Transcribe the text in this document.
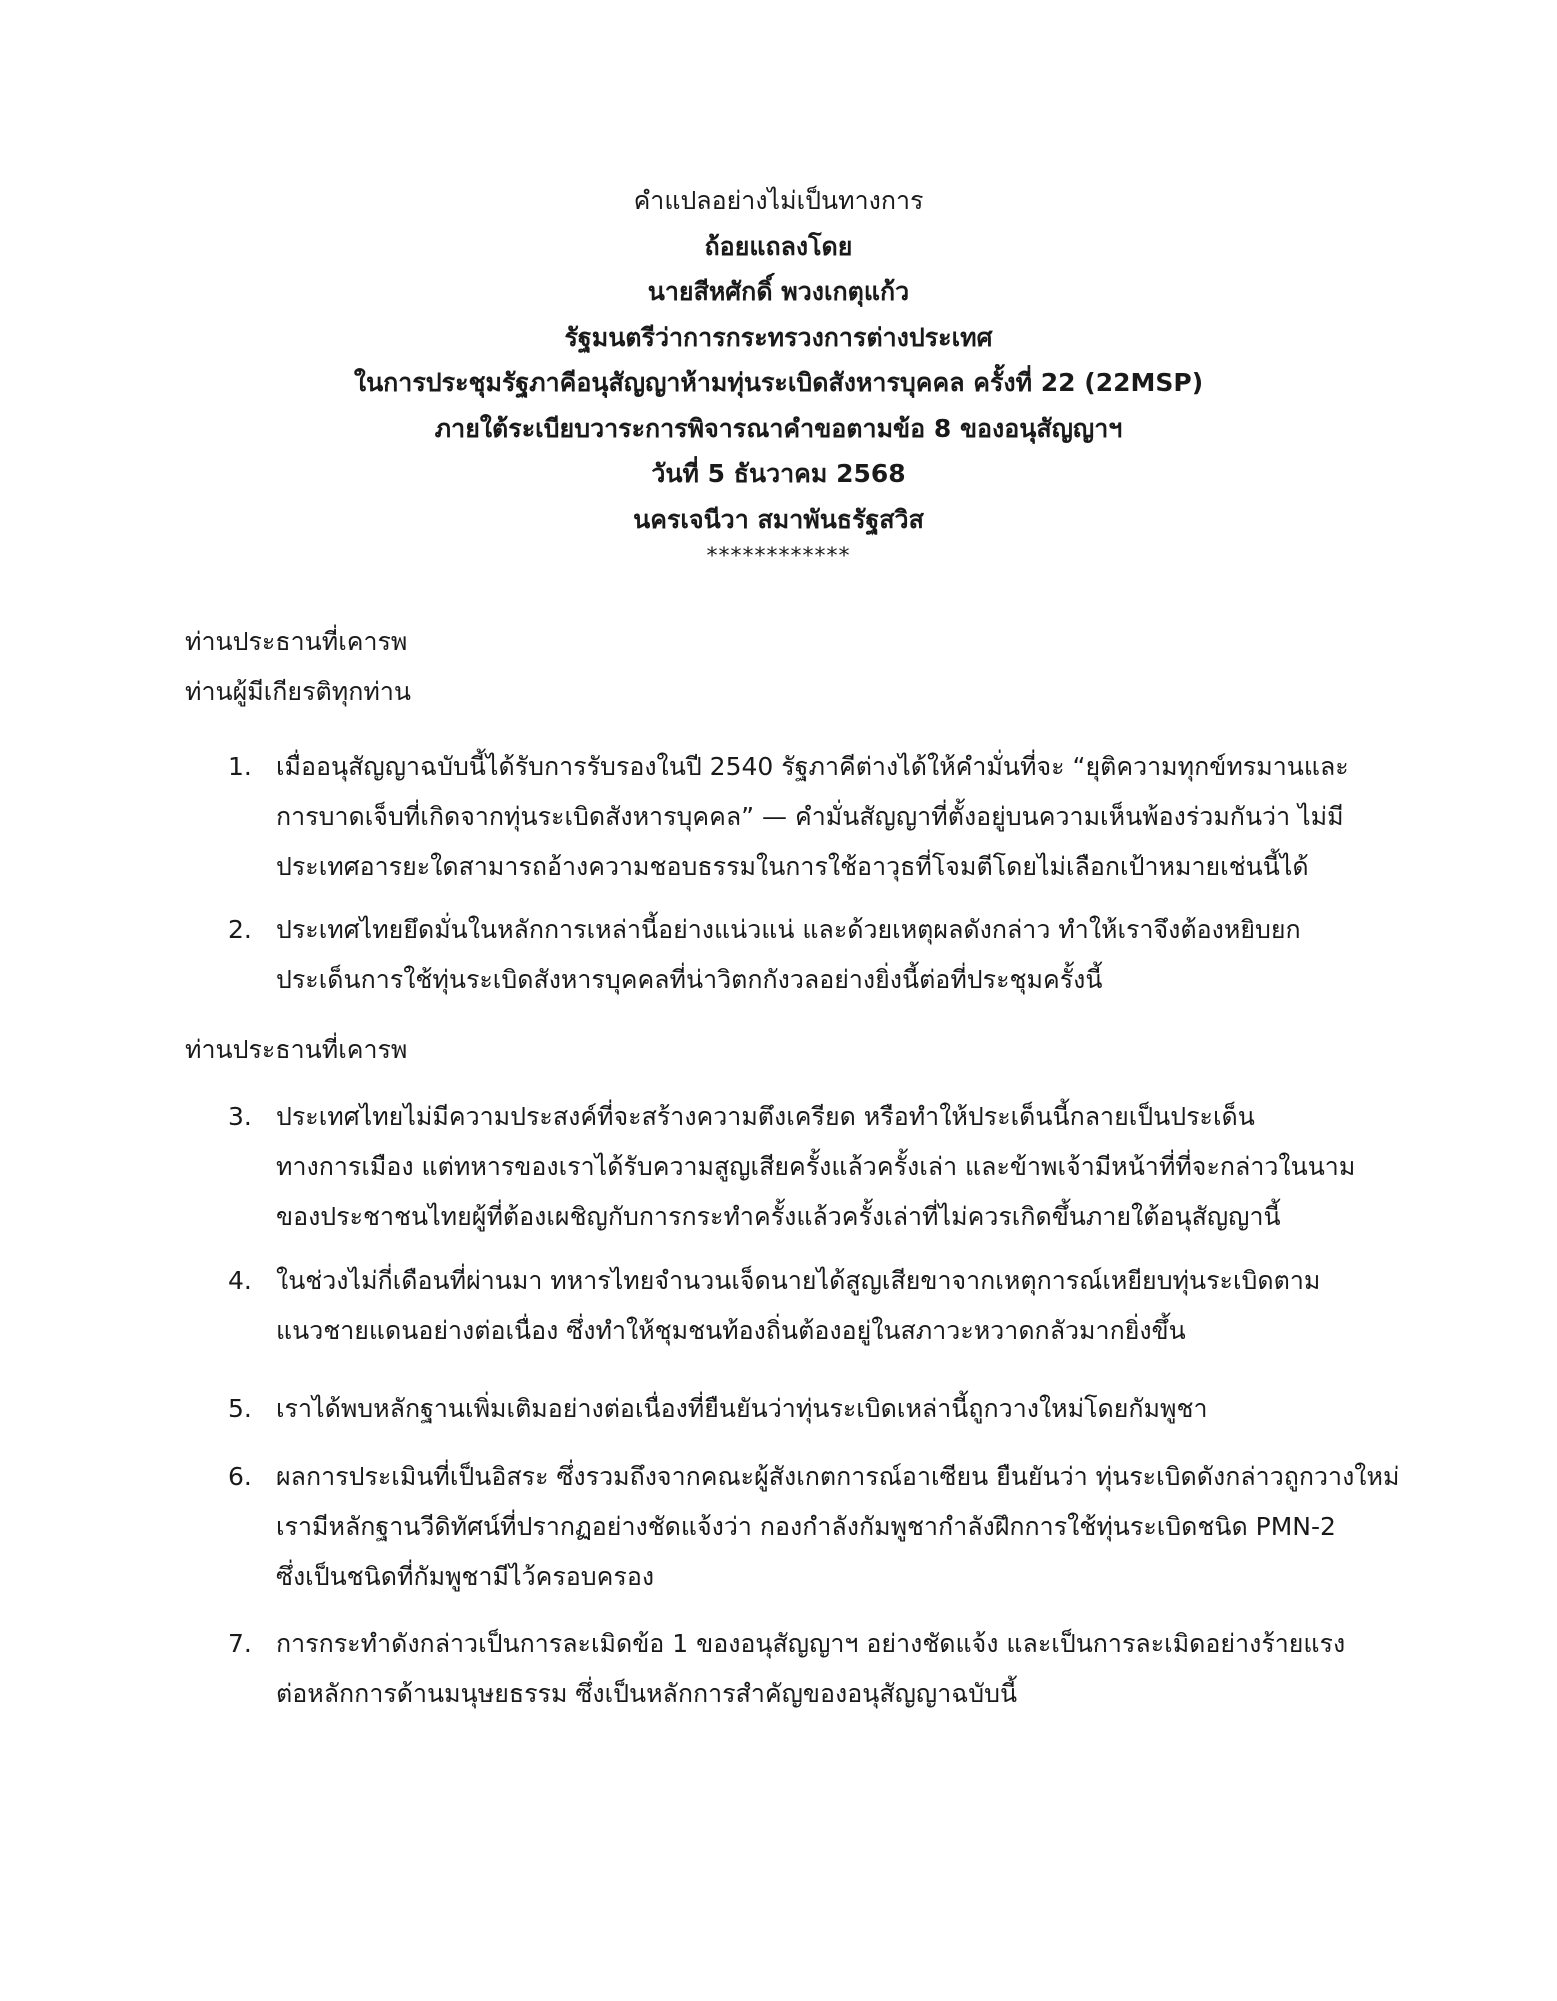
คำแปลอย่างไม่เป็นทางการ
ถ้อยแถลงโดย
นายสีหศักดิ์ พวงเกตุแก้ว
รัฐมนตรีว่าการกระทรวงการต่างประเทศ
ในการประชุมรัฐภาคีอนุสัญญาห้ามทุ่นระเบิดสังหารบุคคล ครั้งที่ 22 (22MSP)
ภายใต้ระเบียบวาระการพิจารณาคำขอตามข้อ 8 ของอนุสัญญาฯ
วันที่ 5 ธันวาคม 2568
นครเจนีวา สมาพันธรัฐสวิส
************
ท่านประธานที่เคารพ
ท่านผู้มีเกียรติทุกท่าน
1. เมื่ออนุสัญญาฉบับนี้ได้รับการรับรองในปี 2540 รัฐภาคีต่างได้ให้คำมั่นที่จะ “ยุติความทุกข์ทรมานและ
การบาดเจ็บที่เกิดจากทุ่นระเบิดสังหารบุคคล” — คำมั่นสัญญาที่ตั้งอยู่บนความเห็นพ้องร่วมกันว่า ไม่มี
ประเทศอารยะใดสามารถอ้างความชอบธรรมในการใช้อาวุธที่โจมตีโดยไม่เลือกเป้าหมายเช่นนี้ได้
2. ประเทศไทยยึดมั่นในหลักการเหล่านี้อย่างแน่วแน่ และด้วยเหตุผลดังกล่าว ทำให้เราจึงต้องหยิบยก
ประเด็นการใช้ทุ่นระเบิดสังหารบุคคลที่น่าวิตกกังวลอย่างยิ่งนี้ต่อที่ประชุมครั้งนี้
ท่านประธานที่เคารพ
3. ประเทศไทยไม่มีความประสงค์ที่จะสร้างความตึงเครียด หรือทำให้ประเด็นนี้กลายเป็นประเด็น
ทางการเมือง แต่ทหารของเราได้รับความสูญเสียครั้งแล้วครั้งเล่า และข้าพเจ้ามีหน้าที่ที่จะกล่าวในนาม
ของประชาชนไทยผู้ที่ต้องเผชิญกับการกระทำครั้งแล้วครั้งเล่าที่ไม่ควรเกิดขึ้นภายใต้อนุสัญญานี้
4. ในช่วงไม่กี่เดือนที่ผ่านมา ทหารไทยจำนวนเจ็ดนายได้สูญเสียขาจากเหตุการณ์เหยียบทุ่นระเบิดตาม
แนวชายแดนอย่างต่อเนื่อง ซึ่งทำให้ชุมชนท้องถิ่นต้องอยู่ในสภาวะหวาดกลัวมากยิ่งขึ้น
5. เราได้พบหลักฐานเพิ่มเติมอย่างต่อเนื่องที่ยืนยันว่าทุ่นระเบิดเหล่านี้ถูกวางใหม่โดยกัมพูชา
6. ผลการประเมินที่เป็นอิสระ ซึ่งรวมถึงจากคณะผู้สังเกตการณ์อาเซียน ยืนยันว่า ทุ่นระเบิดดังกล่าวถูกวางใหม่
เรามีหลักฐานวีดิทัศน์ที่ปรากฏอย่างชัดแจ้งว่า กองกำลังกัมพูชากำลังฝึกการใช้ทุ่นระเบิดชนิด PMN-2
ซึ่งเป็นชนิดที่กัมพูชามีไว้ครอบครอง
7. การกระทำดังกล่าวเป็นการละเมิดข้อ 1 ของอนุสัญญาฯ อย่างชัดแจ้ง และเป็นการละเมิดอย่างร้ายแรง
ต่อหลักการด้านมนุษยธรรม ซึ่งเป็นหลักการสำคัญของอนุสัญญาฉบับนี้
